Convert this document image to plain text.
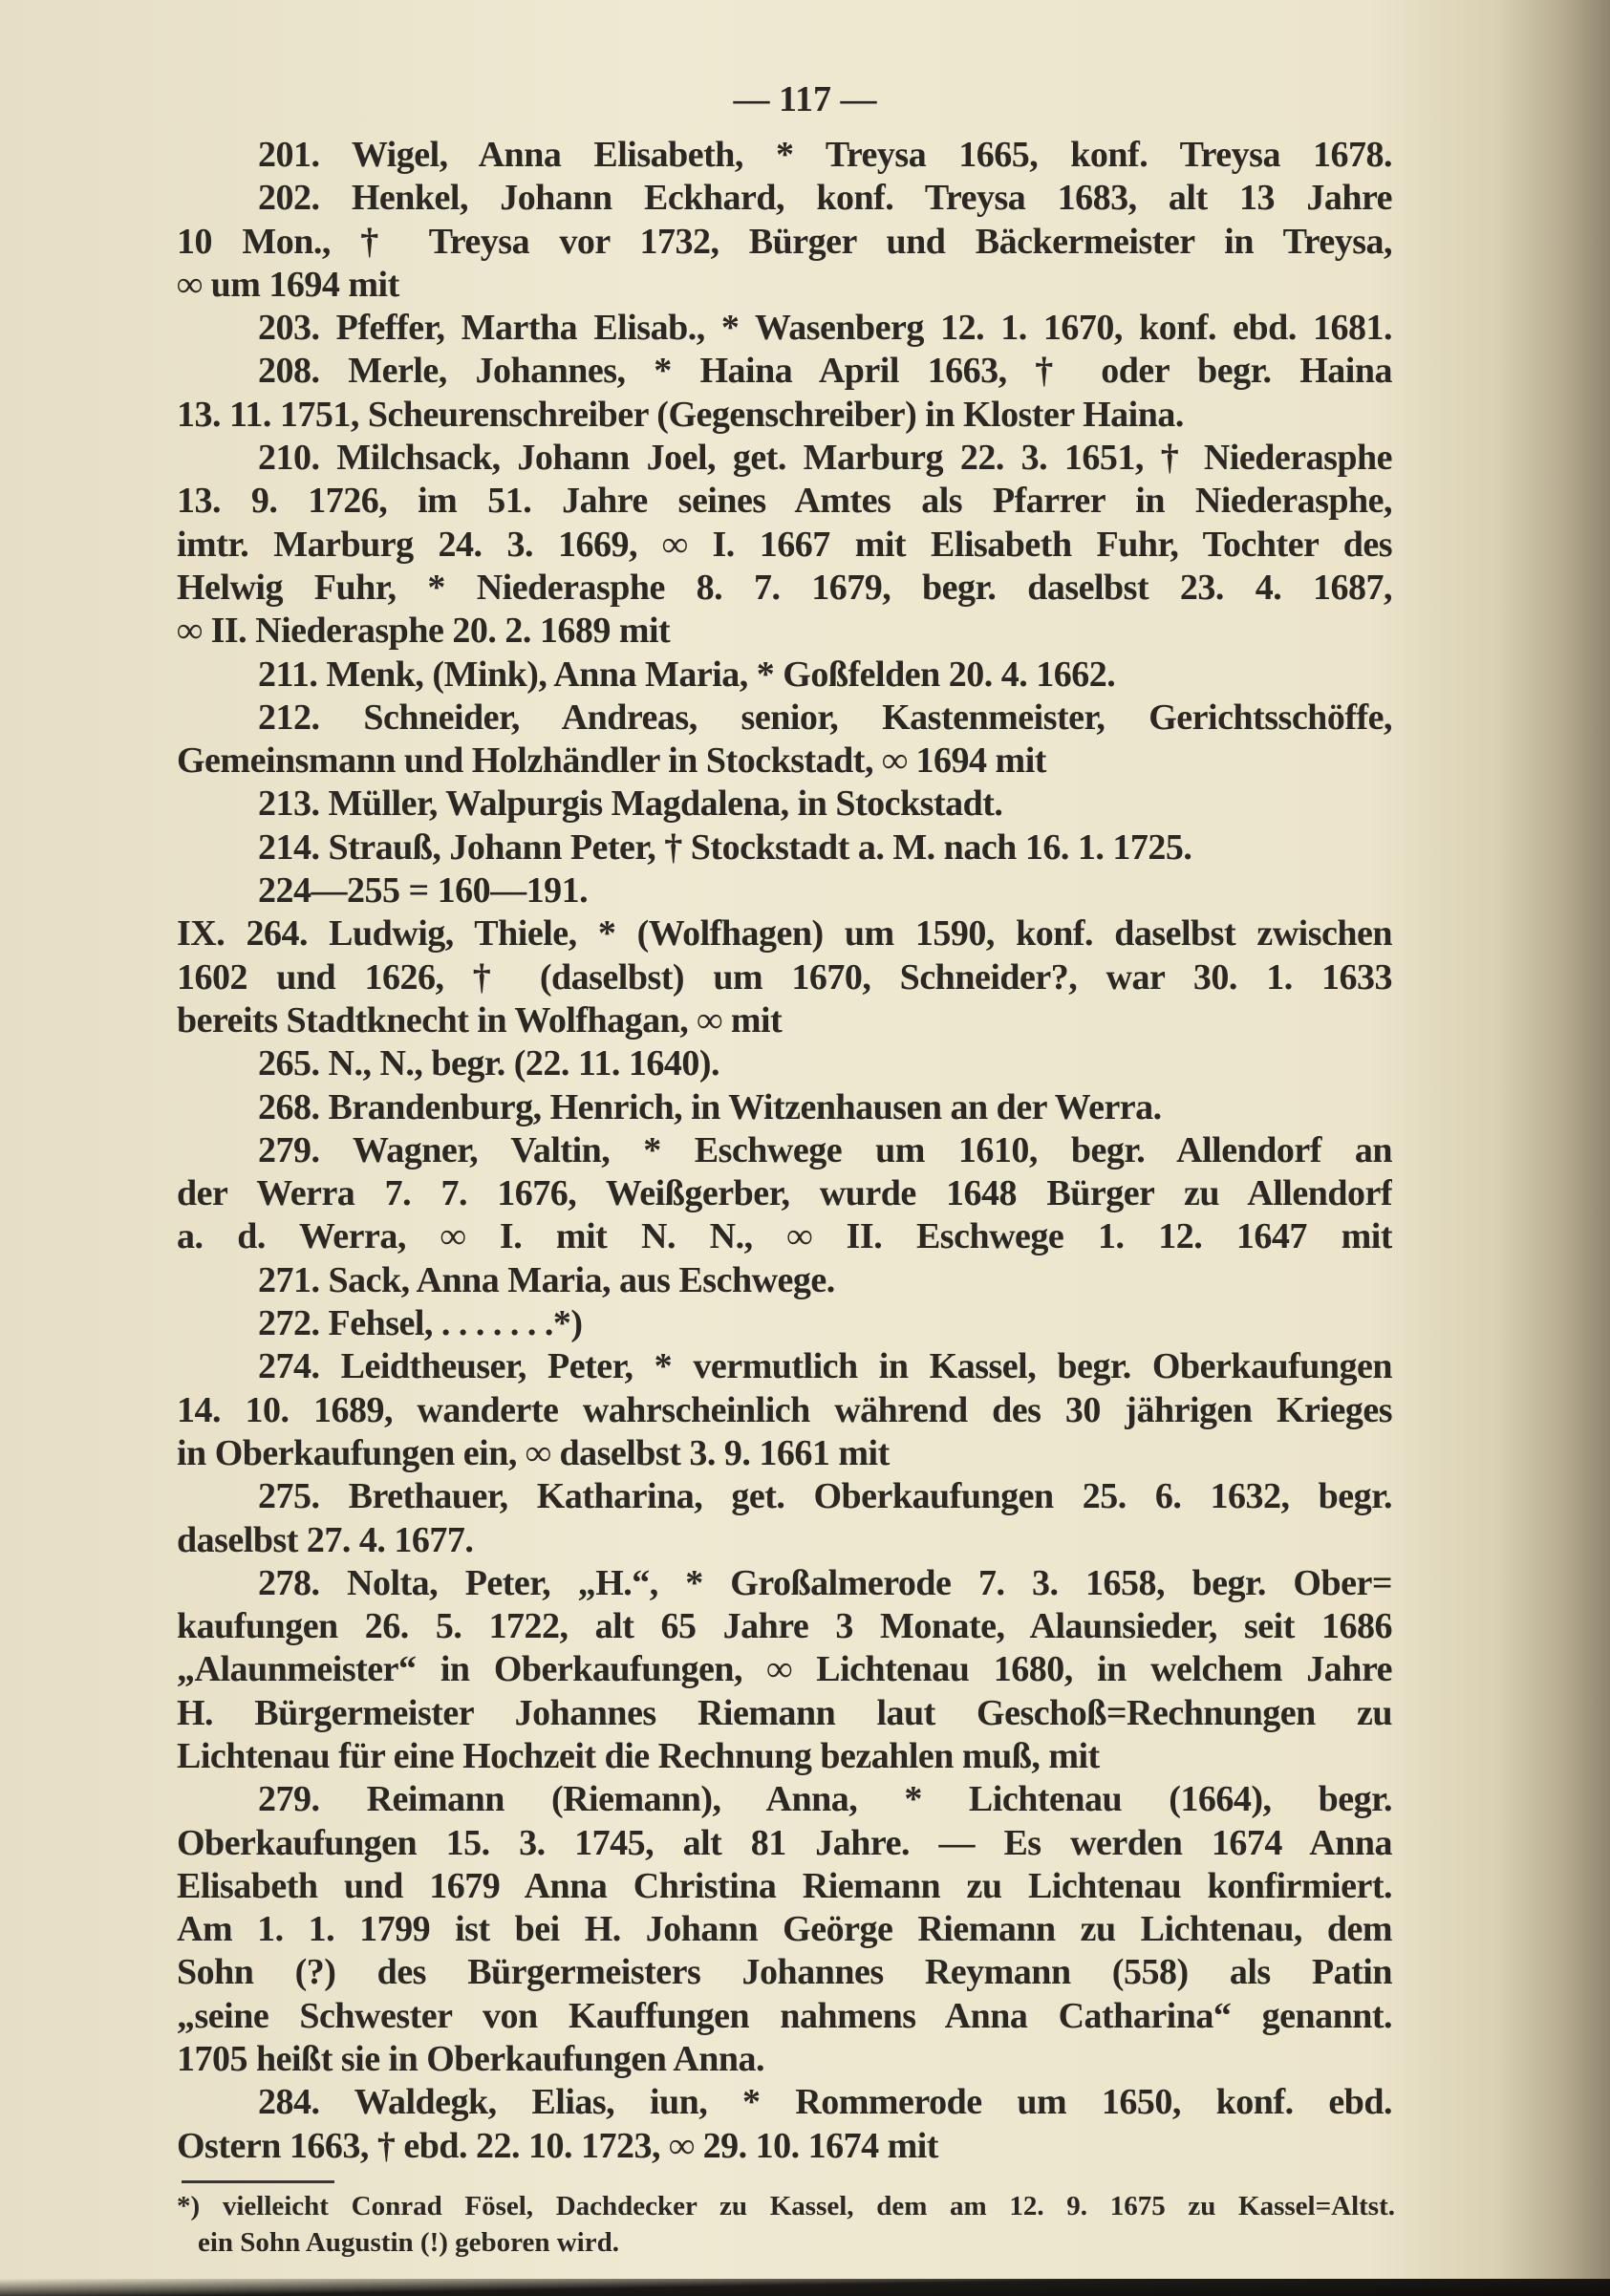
— 117 —
201. Wigel, Anna Elisabeth, * Treysa 1665, konf. Treysa 1678.
202. Henkel, Johann Eckhard, konf. Treysa 1683, alt 13 Jahre
10 Mon., † Treysa vor 1732, Bürger und Bäckermeister in Treysa,
∞ um 1694 mit
203. Pfeffer, Martha Elisab., * Wasenberg 12. 1. 1670, konf. ebd. 1681.
208. Merle, Johannes, * Haina April 1663, † oder begr. Haina
13. 11. 1751, Scheurenschreiber (Gegenschreiber) in Kloster Haina.
210. Milchsack, Johann Joel, get. Marburg 22. 3. 1651, † Niederasphe
13. 9. 1726, im 51. Jahre seines Amtes als Pfarrer in Niederasphe,
imtr. Marburg 24. 3. 1669, ∞ I. 1667 mit Elisabeth Fuhr, Tochter des
Helwig Fuhr, * Niederasphe 8. 7. 1679, begr. daselbst 23. 4. 1687,
∞ II. Niederasphe 20. 2. 1689 mit
211. Menk, (Mink), Anna Maria, * Goßfelden 20. 4. 1662.
212. Schneider, Andreas, senior, Kastenmeister, Gerichtsschöffe,
Gemeinsmann und Holzhändler in Stockstadt, ∞ 1694 mit
213. Müller, Walpurgis Magdalena, in Stockstadt.
214. Strauß, Johann Peter, † Stockstadt a. M. nach 16. 1. 1725.
224—255 = 160—191.
IX. 264. Ludwig, Thiele, * (Wolfhagen) um 1590, konf. daselbst zwischen
1602 und 1626, † (daselbst) um 1670, Schneider?, war 30. 1. 1633
bereits Stadtknecht in Wolfhagan, ∞ mit
265. N., N., begr. (22. 11. 1640).
268. Brandenburg, Henrich, in Witzenhausen an der Werra.
279. Wagner, Valtin, * Eschwege um 1610, begr. Allendorf an
der Werra 7. 7. 1676, Weißgerber, wurde 1648 Bürger zu Allendorf
a. d. Werra, ∞ I. mit N. N., ∞ II. Eschwege 1. 12. 1647 mit
271. Sack, Anna Maria, aus Eschwege.
272. Fehsel, . . . . . . .*)
274. Leidtheuser, Peter, * vermutlich in Kassel, begr. Oberkaufungen
14. 10. 1689, wanderte wahrscheinlich während des 30 jährigen Krieges
in Oberkaufungen ein, ∞ daselbst 3. 9. 1661 mit
275. Brethauer, Katharina, get. Oberkaufungen 25. 6. 1632, begr.
daselbst 27. 4. 1677.
278. Nolta, Peter, „H.“, * Großalmerode 7. 3. 1658, begr. Ober=
kaufungen 26. 5. 1722, alt 65 Jahre 3 Monate, Alaunsieder, seit 1686
„Alaunmeister“ in Oberkaufungen, ∞ Lichtenau 1680, in welchem Jahre
H. Bürgermeister Johannes Riemann laut Geschoß=Rechnungen zu
Lichtenau für eine Hochzeit die Rechnung bezahlen muß, mit
279. Reimann (Riemann), Anna, * Lichtenau (1664), begr.
Oberkaufungen 15. 3. 1745, alt 81 Jahre. — Es werden 1674 Anna
Elisabeth und 1679 Anna Christina Riemann zu Lichtenau konfirmiert.
Am 1. 1. 1799 ist bei H. Johann Geörge Riemann zu Lichtenau, dem
Sohn (?) des Bürgermeisters Johannes Reymann (558) als Patin
„seine Schwester von Kauffungen nahmens Anna Catharina“ genannt.
1705 heißt sie in Oberkaufungen Anna.
284. Waldegk, Elias, iun, * Rommerode um 1650, konf. ebd.
Ostern 1663, † ebd. 22. 10. 1723, ∞ 29. 10. 1674 mit
*) vielleicht Conrad Fösel, Dachdecker zu Kassel, dem am 12. 9. 1675 zu Kassel=Altst.
ein Sohn Augustin (!) geboren wird.
